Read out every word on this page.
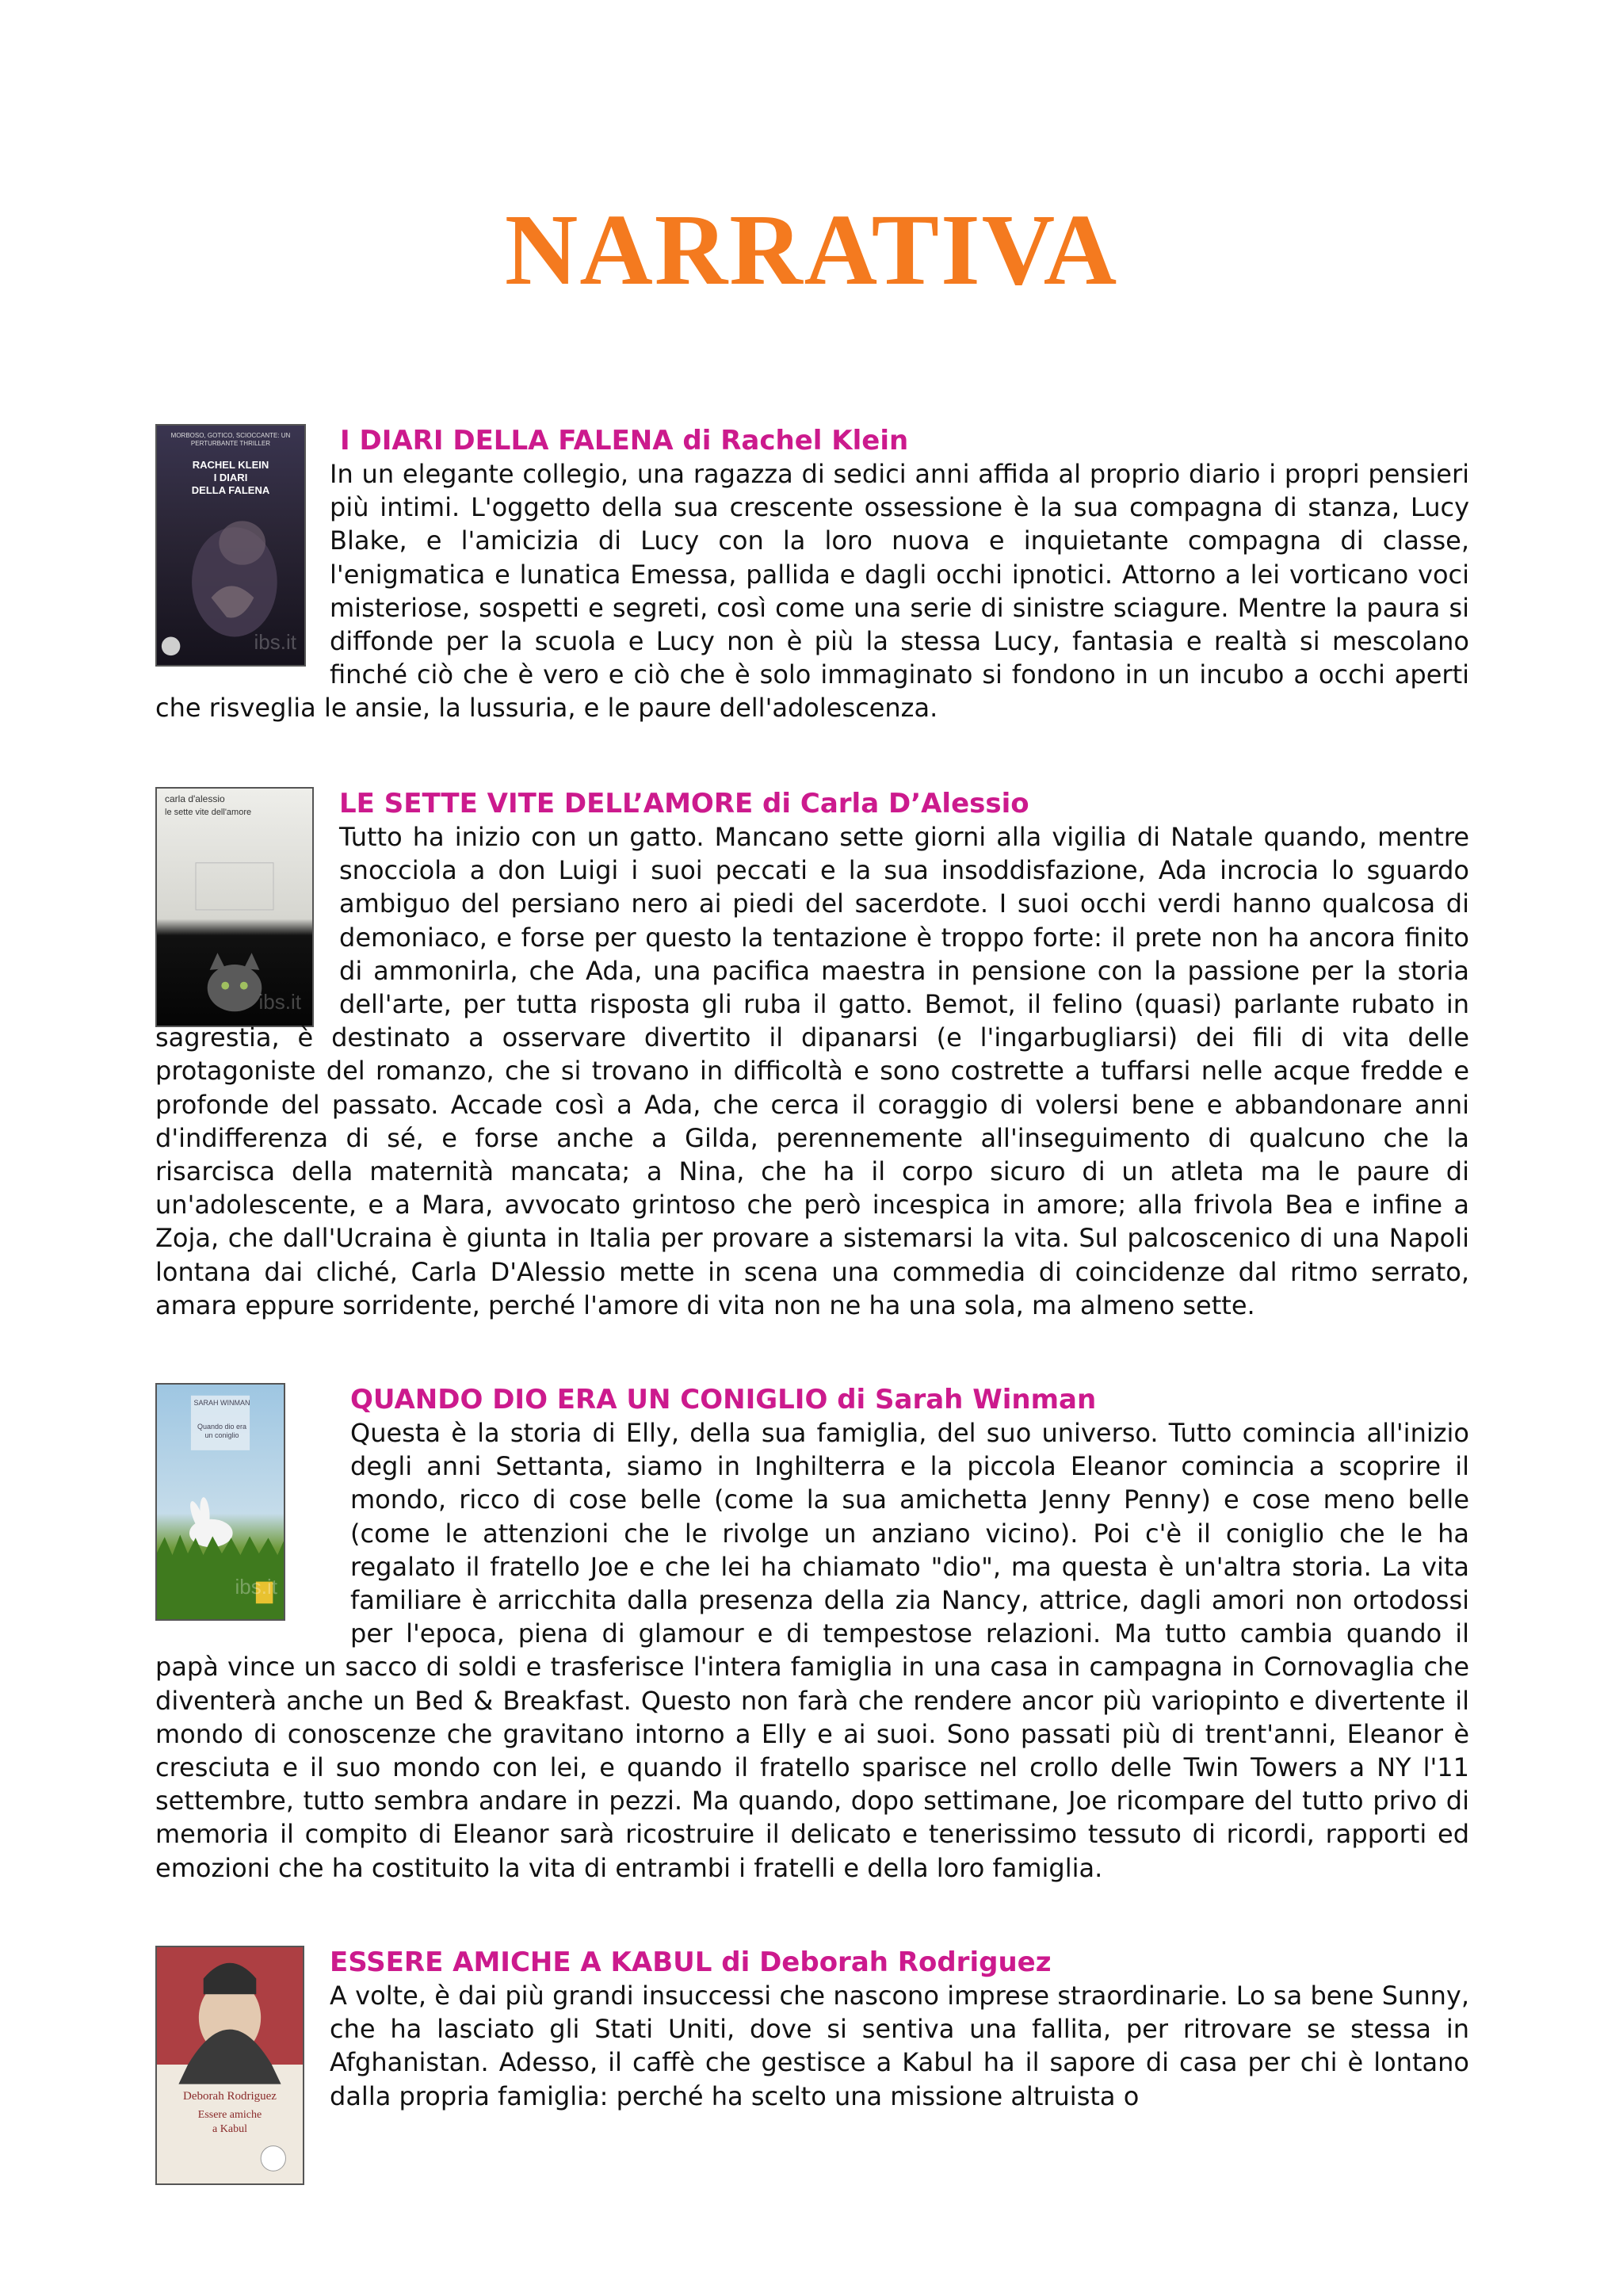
NARRATIVA
MORBOSO, GOTICO, SCIOCCANTE: UN PERTURBANTE THRILLER
RACHEL KLEIN
I DIARI
DELLA FALENA
ibs.it
I DIARI DELLA FALENA di Rachel Klein
In un elegante collegio, una ragazza di sedici anni affida al proprio diario i propri pensieri più intimi. L'oggetto della sua crescente ossessione è la sua compagna di stanza, Lucy Blake, e l'amicizia di Lucy con la loro nuova e inquietante compagna di classe, l'enigmatica e lunatica Emessa, pallida e dagli occhi ipnotici. Attorno a lei vorticano voci misteriose, sospetti e segreti, così come una serie di sinistre sciagure. Mentre la paura si diffonde per la scuola e Lucy non è più la stessa Lucy, fantasia e realtà si mescolano finché ciò che è vero e ciò che è solo immaginato si fondono in un incubo a occhi aperti che risveglia le ansie, la lussuria, e le paure dell'adolescenza.
carla d'alessio
le sette vite dell'amore
ibs.it
LE SETTE VITE DELL’AMORE di Carla D’Alessio
Tutto ha inizio con un gatto. Mancano sette giorni alla vigilia di Natale quando, mentre snocciola a don Luigi i suoi peccati e la sua insoddisfazione, Ada incrocia lo sguardo ambiguo del persiano nero ai piedi del sacerdote. I suoi occhi verdi hanno qualcosa di demoniaco, e forse per questo la tentazione è troppo forte: il prete non ha ancora finito di ammonirla, che Ada, una pacifica maestra in pensione con la passione per la storia dell'arte, per tutta risposta gli ruba il gatto. Bemot, il felino (quasi) parlante rubato in sagrestia, è destinato a osservare divertito il dipanarsi (e l'ingarbugliarsi) dei fili di vita delle protagoniste del romanzo, che si trovano in difficoltà e sono costrette a tuffarsi nelle acque fredde e profonde del passato. Accade così a Ada, che cerca il coraggio di volersi bene e abbandonare anni d'indifferenza di sé, e forse anche a Gilda, perennemente all'inseguimento di qualcuno che la risarcisca della maternità mancata; a Nina, che ha il corpo sicuro di un atleta ma le paure di un'adolescente, e a Mara, avvocato grintoso che però incespica in amore; alla frivola Bea e infine a Zoja, che dall'Ucraina è giunta in Italia per provare a sistemarsi la vita. Sul palcoscenico di una Napoli lontana dai cliché, Carla D'Alessio mette in scena una commedia di coincidenze dal ritmo serrato, amara eppure sorridente, perché l'amore di vita non ne ha una sola, ma almeno sette.
SARAH WINMAN
Quando dio era un coniglio
ibs.it
QUANDO DIO ERA UN CONIGLIO di Sarah Winman
Questa è la storia di Elly, della sua famiglia, del suo universo. Tutto comincia all'inizio degli anni Settanta, siamo in Inghilterra e la piccola Eleanor comincia a scoprire il mondo, ricco di cose belle (come la sua amichetta Jenny Penny) e cose meno belle (come le attenzioni che le rivolge un anziano vicino). Poi c'è il coniglio che le ha regalato il fratello Joe e che lei ha chiamato "dio", ma questa è un'altra storia. La vita familiare è arricchita dalla presenza della zia Nancy, attrice, dagli amori non ortodossi per l'epoca, piena di glamour e di tempestose relazioni. Ma tutto cambia quando il papà vince un sacco di soldi e trasferisce l'intera famiglia in una casa in campagna in Cornovaglia che diventerà anche un Bed & Breakfast. Questo non farà che rendere ancor più variopinto e divertente il mondo di conoscenze che gravitano intorno a Elly e ai suoi. Sono passati più di trent'anni, Eleanor è cresciuta e il suo mondo con lei, e quando il fratello sparisce nel crollo delle Twin Towers a NY l'11 settembre, tutto sembra andare in pezzi. Ma quando, dopo settimane, Joe ricompare del tutto privo di memoria il compito di Eleanor sarà ricostruire il delicato e tenerissimo tessuto di ricordi, rapporti ed emozioni che ha costituito la vita di entrambi i fratelli e della loro famiglia.
Deborah Rodriguez
Essere amiche
a Kabul
ESSERE AMICHE A KABUL di Deborah Rodriguez
A volte, è dai più grandi insuccessi che nascono imprese straordinarie. Lo sa bene Sunny, che ha lasciato gli Stati Uniti, dove si sentiva una fallita, per ritrovare se stessa in Afghanistan. Adesso, il caffè che gestisce a Kabul ha il sapore di casa per chi è lontano dalla propria famiglia: perché ha scelto una missione altruista o
